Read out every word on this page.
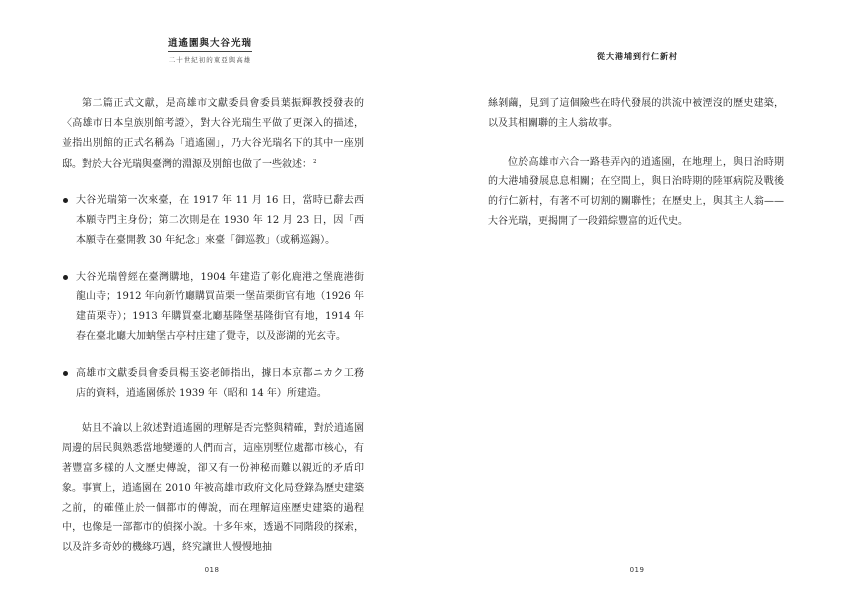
逍遙園與大谷光瑞
二十世紀初的東亞與高雄

第二篇正式文獻，是高雄市文獻委員會委員葉振輝教授發表的〈高雄市日本皇族別館考證〉，對大谷光瑞生平做了更深入的描述，並指出別館的正式名稱為「逍遙園」，乃大谷光瑞名下的其中一座別邸。對於大谷光瑞與臺灣的淵源及別館也做了一些敘述：$^2$

大谷光瑞第一次來臺，在 1917 年 11 月 16 日，當時已辭去西本願寺門主身份；第二次則是在 1930 年 12 月 23 日，因「西本願寺在臺開教 30 年紀念」來臺「御巡教」（或稱巡錫）。
大谷光瑞曾經在臺灣購地，1904 年建造了彰化鹿港之堡鹿港街龍山寺；1912 年向新竹廳購買苗栗一堡苗栗街官有地（1926 年建苗栗寺）；1913 年購買臺北廳基隆堡基隆街官有地，1914 年春在臺北廳大加蚋堡古亭村庄建了覺寺，以及澎湖的光玄寺。
高雄市文獻委員會委員楊玉姿老師指出，據日本京都ニカク工務店的資料，逍遙園係於 1939 年（昭和 14 年）所建造。

姑且不論以上敘述對逍遙園的理解是否完整與精確，對於逍遙園周邊的居民與熟悉當地變遷的人們而言，這座別墅位處都市核心，有著豐富多樣的人文歷史傳說，卻又有一份神秘而難以親近的矛盾印象。事實上，逍遙園在 2010 年被高雄市政府文化局登錄為歷史建築之前，的確僅止於一個都市的傳說，而在理解這座歷史建築的過程中，也像是一部都市的偵探小說。十多年來，透過不同階段的探索，以及許多奇妙的機緣巧遇，終究讓世人慢慢地抽

018
從大港埔到行仁新村

絲剝繭，見到了這個險些在時代發展的洪流中被湮沒的歷史建築，以及其相關聯的主人翁故事。

位於高雄市六合一路巷弄內的逍遙園，在地理上，與日治時期的大港埔發展息息相關；在空間上，與日治時期的陸軍病院及戰後的行仁新村，有著不可切割的關聯性；在歷史上，與其主人翁——大谷光瑞，更揭開了一段錯綜豐富的近代史。

019
